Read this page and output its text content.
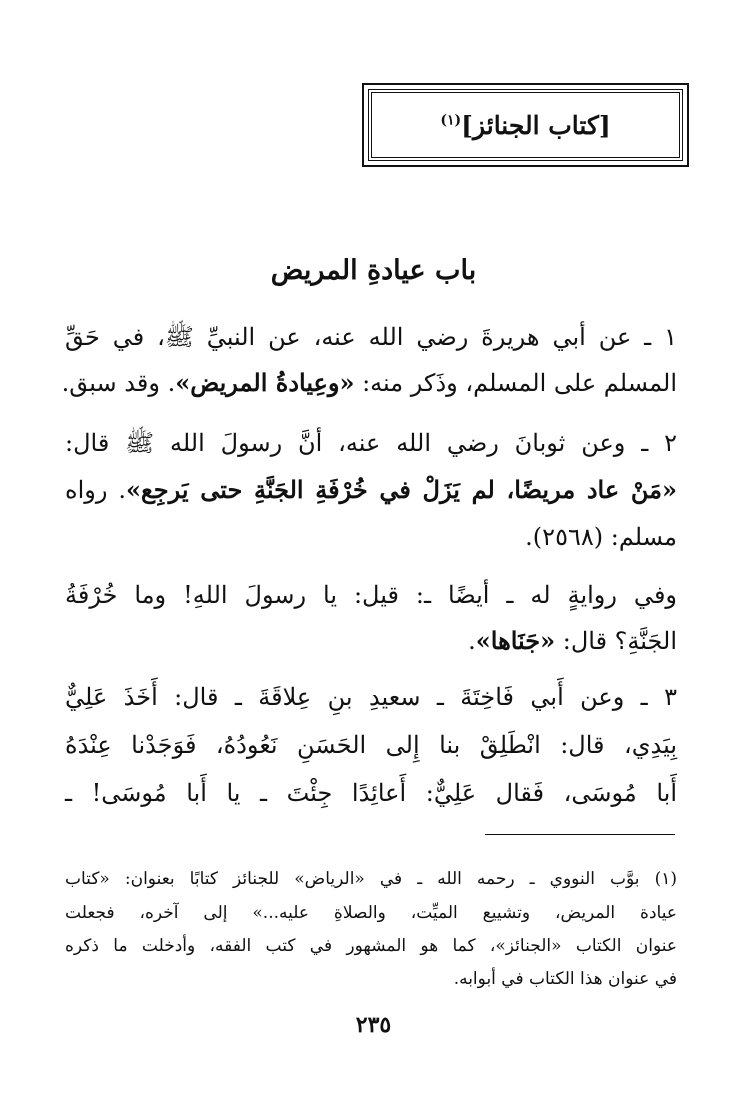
[كتاب الجنائز]$^{(١)}$
باب عيادةِ المريض
١ ـ عن أبي هريرةَ رضي الله عنه، عن النبيِّ ﷺ، في حَقِّ
المسلم على المسلم، وذَكر منه: «وعِيادةُ المريض». وقد سبق.
٢ ـ وعن ثوبانَ رضي الله عنه، أنَّ رسولَ الله ﷺ قال:
«مَنْ عاد مريضًا، لم يَزَلْ في خُرْفَةِ الجَنَّةِ حتى يَرجِع». رواه
مسلم: (٢٥٦٨).
وفي روايةٍ له ـ أيضًا ـ: قيل: يا رسولَ اللهِ! وما خُرْفَةُ
الجَنَّةِ؟ قال: «جَنَاها».
٣ ـ وعن أَبي فَاخِتَةَ ـ سعيدِ بنِ عِلاقَةَ ـ قال: أَخَذَ عَلِيٌّ
بِيَدِي، قال: انْطَلِقْ بنا إِلى الحَسَنِ نَعُودُهُ، فَوَجَدْنا عِنْدَهُ
أَبا مُوسَى، فَقال عَلِيٌّ: أَعائِدًا جِئْتَ ـ يا أَبا مُوسَى! ـ
(١) بوَّب النووي ـ رحمه الله ـ في «الرياض» للجنائز كتابًا بعنوان: «كتاب
عيادة المريض، وتشييع الميِّت، والصلاةِ عليه...» إلى آخره، فجعلت
عنوان الكتاب «الجنائز»، كما هو المشهور في كتب الفقه، وأدخلت ما ذكره
في عنوان هذا الكتاب في أبوابه.
٢٣٥
